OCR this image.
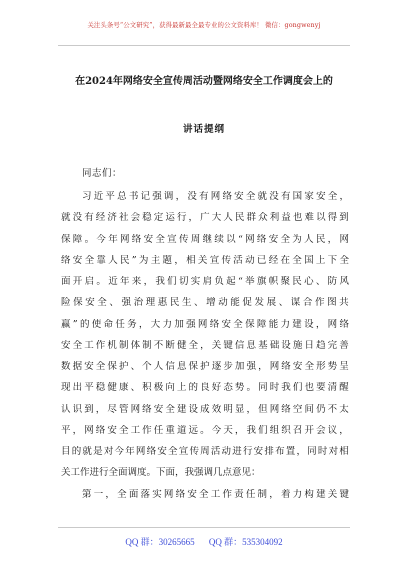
关注头条号“公文研究”，获得最新最全最专业的公文资料库！ 微信：gongwenyj
在2024年网络安全宣传周活动暨网络安全工作调度会上的
讲话提纲
同志们：
习 近 平 总 书 记 强 调 ， 没 有 网 络 安 全 就 没 有 国 家 安 全 ，
就 没 有 经 济 社 会 稳 定 运 行 ， 广 大 人 民 群 众 利 益 也 难 以 得 到
保 障 。 今 年 网 络 安 全 宣 传 周 继 续 以 “ 网 络 安 全 为 人 民 ， 网
络 安 全 靠 人 民 ” 为 主 题 ， 相 关 宣 传 活 动 已 经 在 全 国 上 下 全
面 开 启 。 近 年 来 ， 我 们 切 实 肩 负 起 “ 举 旗 帜 聚 民 心 、 防 风
险 保 安 全 、 强 治 理 惠 民 生 、 增 动 能 促 发 展 、 谋 合 作 图 共
赢 ” 的 使 命 任 务 ， 大 力 加 强 网 络 安 全 保 障 能 力 建 设 ， 网 络
安 全 工 作 机 制 体 制 不 断 健 全 ， 关 键 信 息 基 础 设 施 日 趋 完 善
数 据 安 全 保 护 、 个 人 信 息 保 护 逐 步 加 强 ， 网 络 安 全 形 势 呈
现 出 平 稳 健 康 、 积 极 向 上 的 良 好 态 势 。 同 时 我 们 也 要 清 醒
认 识 到 ， 尽 管 网 络 安 全 建 设 成 效 明 显 ， 但 网 络 空 间 仍 不 太
平 ， 网 络 安 全 工 作 任 重 道 远 。 今 天 ， 我 们 组 织 召 开 会 议 ，
目 的 就 是 对 今 年 网 络 安 全 宣 传 周 活 动 进 行 安 排 布 置 ， 同 时 对 相
关工作进行全面调度。下面，我强调几点意见：
第 一 ， 全 面 落 实 网 络 安 全 工 作 责 任 制 ， 着 力 构 建 关 键
QQ 群：30265665 QQ 群：535304092
